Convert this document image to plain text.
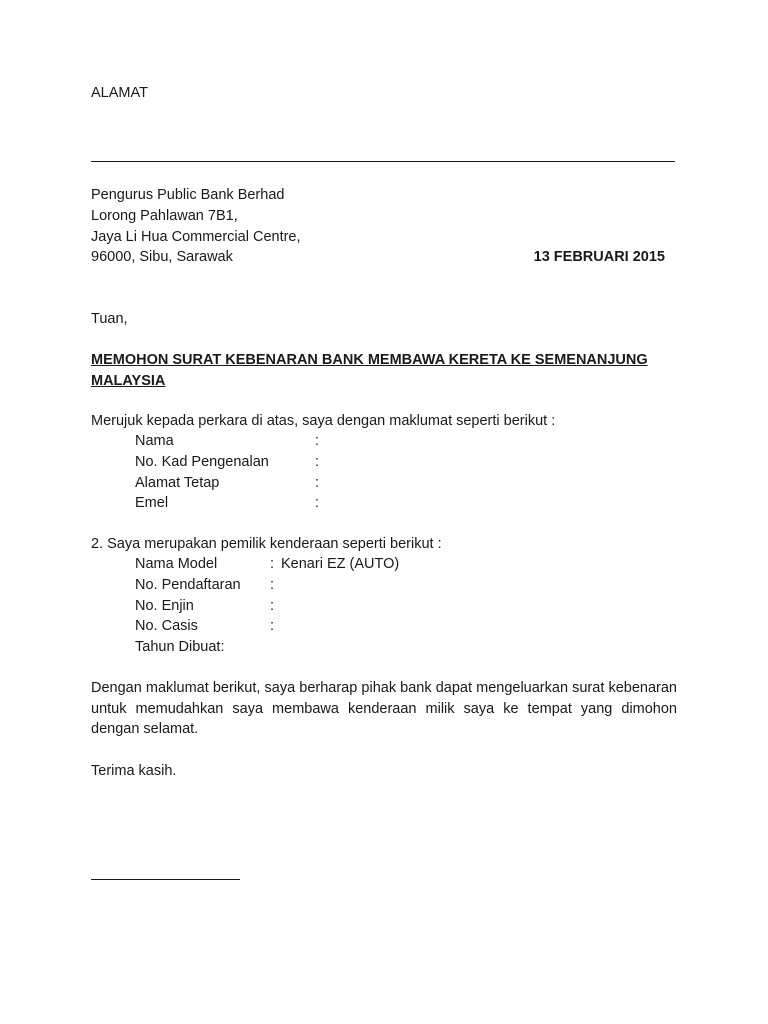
ALAMAT
Pengurus Public Bank Berhad
Lorong Pahlawan 7B1,
Jaya Li Hua Commercial Centre,
96000, Sibu, Sarawak	13 FEBRUARI 2015
Tuan,
MEMOHON SURAT KEBENARAN BANK MEMBAWA KERETA KE SEMENANJUNG MALAYSIA
Merujuk kepada perkara di atas, saya dengan maklumat seperti berikut :
Nama	:
No. Kad Pengenalan	:
Alamat Tetap	:
Emel	:
2. Saya merupakan pemilik kenderaan seperti berikut :
Nama Model	: Kenari EZ (AUTO)
No. Pendaftaran :
No. Enjin	:
No. Casis	:
Tahun Dibuat:
Dengan maklumat berikut, saya berharap pihak bank dapat mengeluarkan surat kebenaran untuk memudahkan saya membawa kenderaan milik saya ke tempat yang dimohon dengan selamat.
Terima kasih.
